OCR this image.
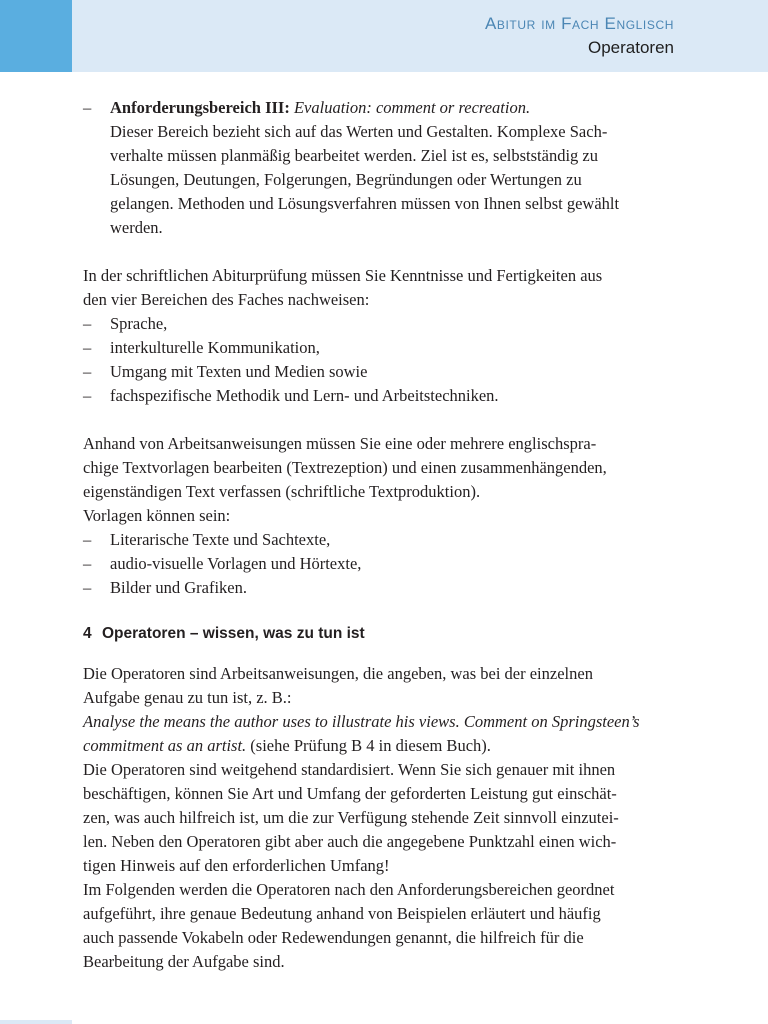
Abitur im Fach Englisch
Operatoren
– Anforderungsbereich III: Evaluation: comment or recreation.
Dieser Bereich bezieht sich auf das Werten und Gestalten. Komplexe Sach-
verhalte müssen planmäßig bearbeitet werden. Ziel ist es, selbstständig zu
Lösungen, Deutungen, Folgerungen, Begründungen oder Wertungen zu
gelangen. Methoden und Lösungsverfahren müssen von Ihnen selbst gewählt
werden.
In der schriftlichen Abiturprüfung müssen Sie Kenntnisse und Fertigkeiten aus
den vier Bereichen des Faches nachweisen:
– Sprache,
– interkulturelle Kommunikation,
– Umgang mit Texten und Medien sowie
– fachspezifische Methodik und Lern- und Arbeitstechniken.
Anhand von Arbeitsanweisungen müssen Sie eine oder mehrere englischspra-
chige Textvorlagen bearbeiten (Textrezeption) und einen zusammenhängenden,
eigenständigen Text verfassen (schriftliche Textproduktion).
Vorlagen können sein:
– Literarische Texte und Sachtexte,
– audio-visuelle Vorlagen und Hörtexte,
– Bilder und Grafiken.
4 Operatoren – wissen, was zu tun ist
Die Operatoren sind Arbeitsanweisungen, die angeben, was bei der einzelnen
Aufgabe genau zu tun ist, z. B.:
Analyse the means the author uses to illustrate his views. Comment on Springsteen’s
commitment as an artist. (siehe Prüfung B 4 in diesem Buch).
Die Operatoren sind weitgehend standardisiert. Wenn Sie sich genauer mit ihnen
beschäftigen, können Sie Art und Umfang der geforderten Leistung gut einschät-
zen, was auch hilfreich ist, um die zur Verfügung stehende Zeit sinnvoll einzutei-
len. Neben den Operatoren gibt aber auch die angegebene Punktzahl einen wich-
tigen Hinweis auf den erforderlichen Umfang!
Im Folgenden werden die Operatoren nach den Anforderungsbereichen geordnet
aufgeführt, ihre genaue Bedeutung anhand von Beispielen erläutert und häufig
auch passende Vokabeln oder Redewendungen genannt, die hilfreich für die
Bearbeitung der Aufgabe sind.
